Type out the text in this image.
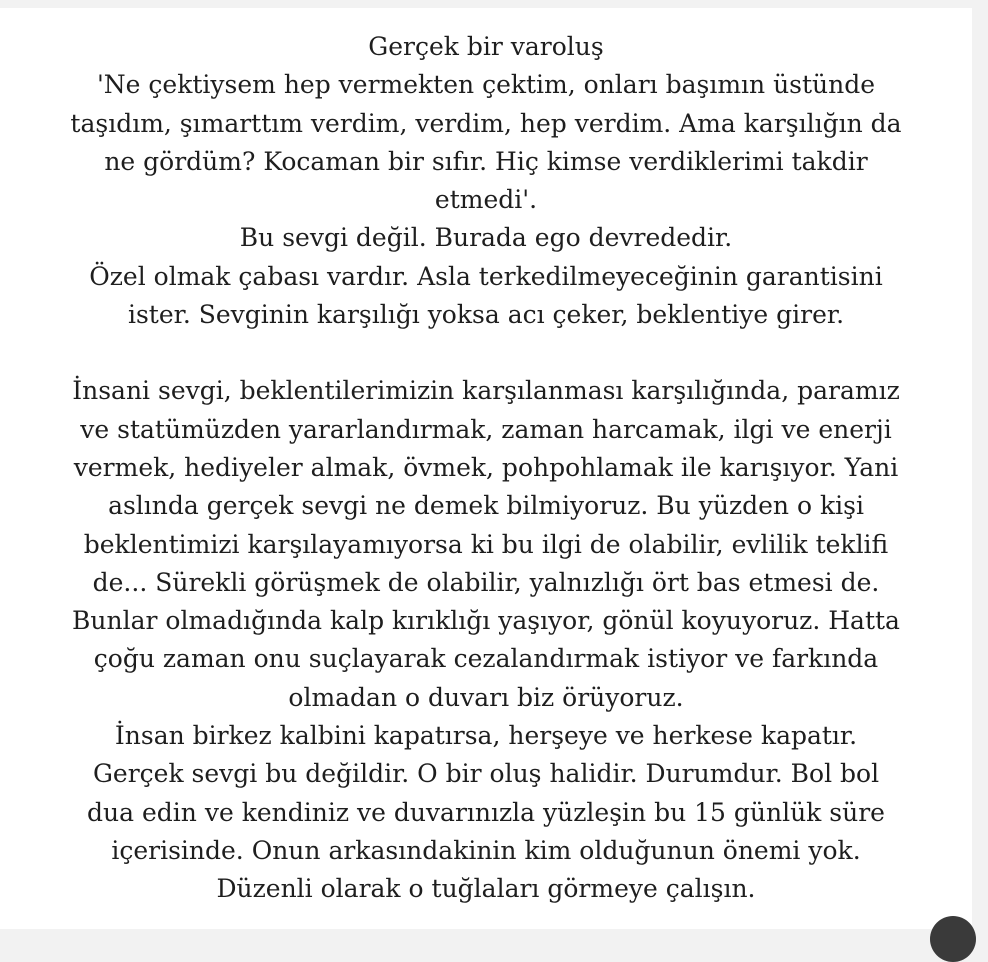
Gerçek bir varoluş

'Ne çektiysem hep vermekten çektim, onları başımın üstünde

taşıdım, şımarttım verdim, verdim, hep verdim. Ama karşılığın da

ne gördüm? Kocaman bir sıfır. Hiç kimse verdiklerimi takdir

etmedi'.

Bu sevgi değil. Burada ego devrededir.

Özel olmak çabası vardır. Asla terkedilmeyeceğinin garantisini

ister. Sevginin karşılığı yoksa acı çeker, beklentiye girer.

İnsani sevgi, beklentilerimizin karşılanması karşılığında, paramız

ve statümüzden yararlandırmak, zaman harcamak, ilgi ve enerji

vermek, hediyeler almak, övmek, pohpohlamak ile karışıyor. Yani

aslında gerçek sevgi ne demek bilmiyoruz. Bu yüzden o kişi

beklentimizi karşılayamıyorsa ki bu ilgi de olabilir, evlilik teklifi

de... Sürekli görüşmek de olabilir, yalnızlığı ört bas etmesi de.

Bunlar olmadığında kalp kırıklığı yaşıyor, gönül koyuyoruz. Hatta

çoğu zaman onu suçlayarak cezalandırmak istiyor ve farkında

olmadan o duvarı biz örüyoruz.

İnsan birkez kalbini kapatırsa, herşeye ve herkese kapatır.

Gerçek sevgi bu değildir. O bir oluş halidir. Durumdur. Bol bol

dua edin ve kendiniz ve duvarınızla yüzleşin bu 15 günlük süre

içerisinde. Onun arkasındakinin kim olduğunun önemi yok.

Düzenli olarak o tuğlaları görmeye çalışın.
